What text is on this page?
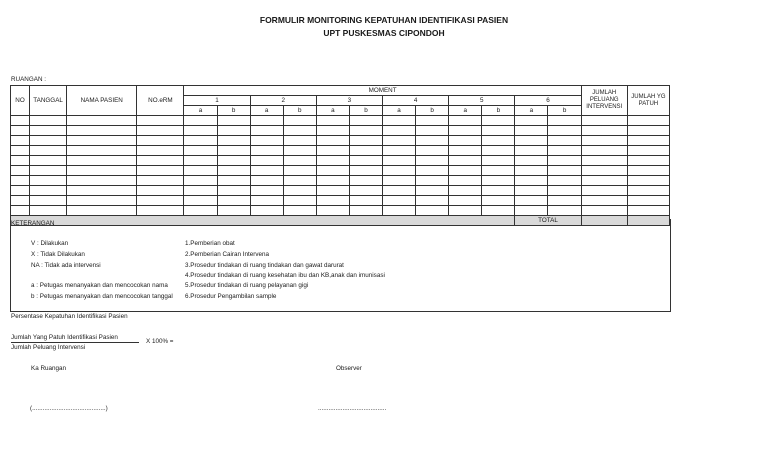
FORMULIR MONITORING KEPATUHAN IDENTIFIKASI PASIEN
UPT PUSKESMAS CIPONDOH
RUANGAN :
NO	TANGGAL	NAMA PASIEN	NO.eRM	MOMENT												JUMLAH PELUANG INTERVENSI	JUMLAH YG PATUH
				1		2		3		4		5		6			
				a	b	a	b	a	b	a	b	a	b	a	b		

														TOTAL			
KETERANGAN
V : Dilakukan
X : Tidak Dilakukan
NA : Tidak ada intervensi
a : Petugas menanyakan dan mencocokan nama
b : Petugas menanyakan dan mencocokan tanggal
1.Pemberian obat
2.Pemberian Cairan Intervena
3.Prosedur tindakan di ruang tindakan dan gawat darurat
4.Prosedur tindakan di ruang kesehatan ibu dan KB,anak dan imunisasi
5.Prosedur tindakan di ruang pelayanan gigi
6.Prosedur Pengambilan sample
Persentase Kepatuhan Identifikasi Pasien
Jumlah Yang Patuh Identifikasi Pasien
Jumlah Peluang Intervensi
X 100% =
Ka Ruangan	Observer
(..........................................)	.......................................
